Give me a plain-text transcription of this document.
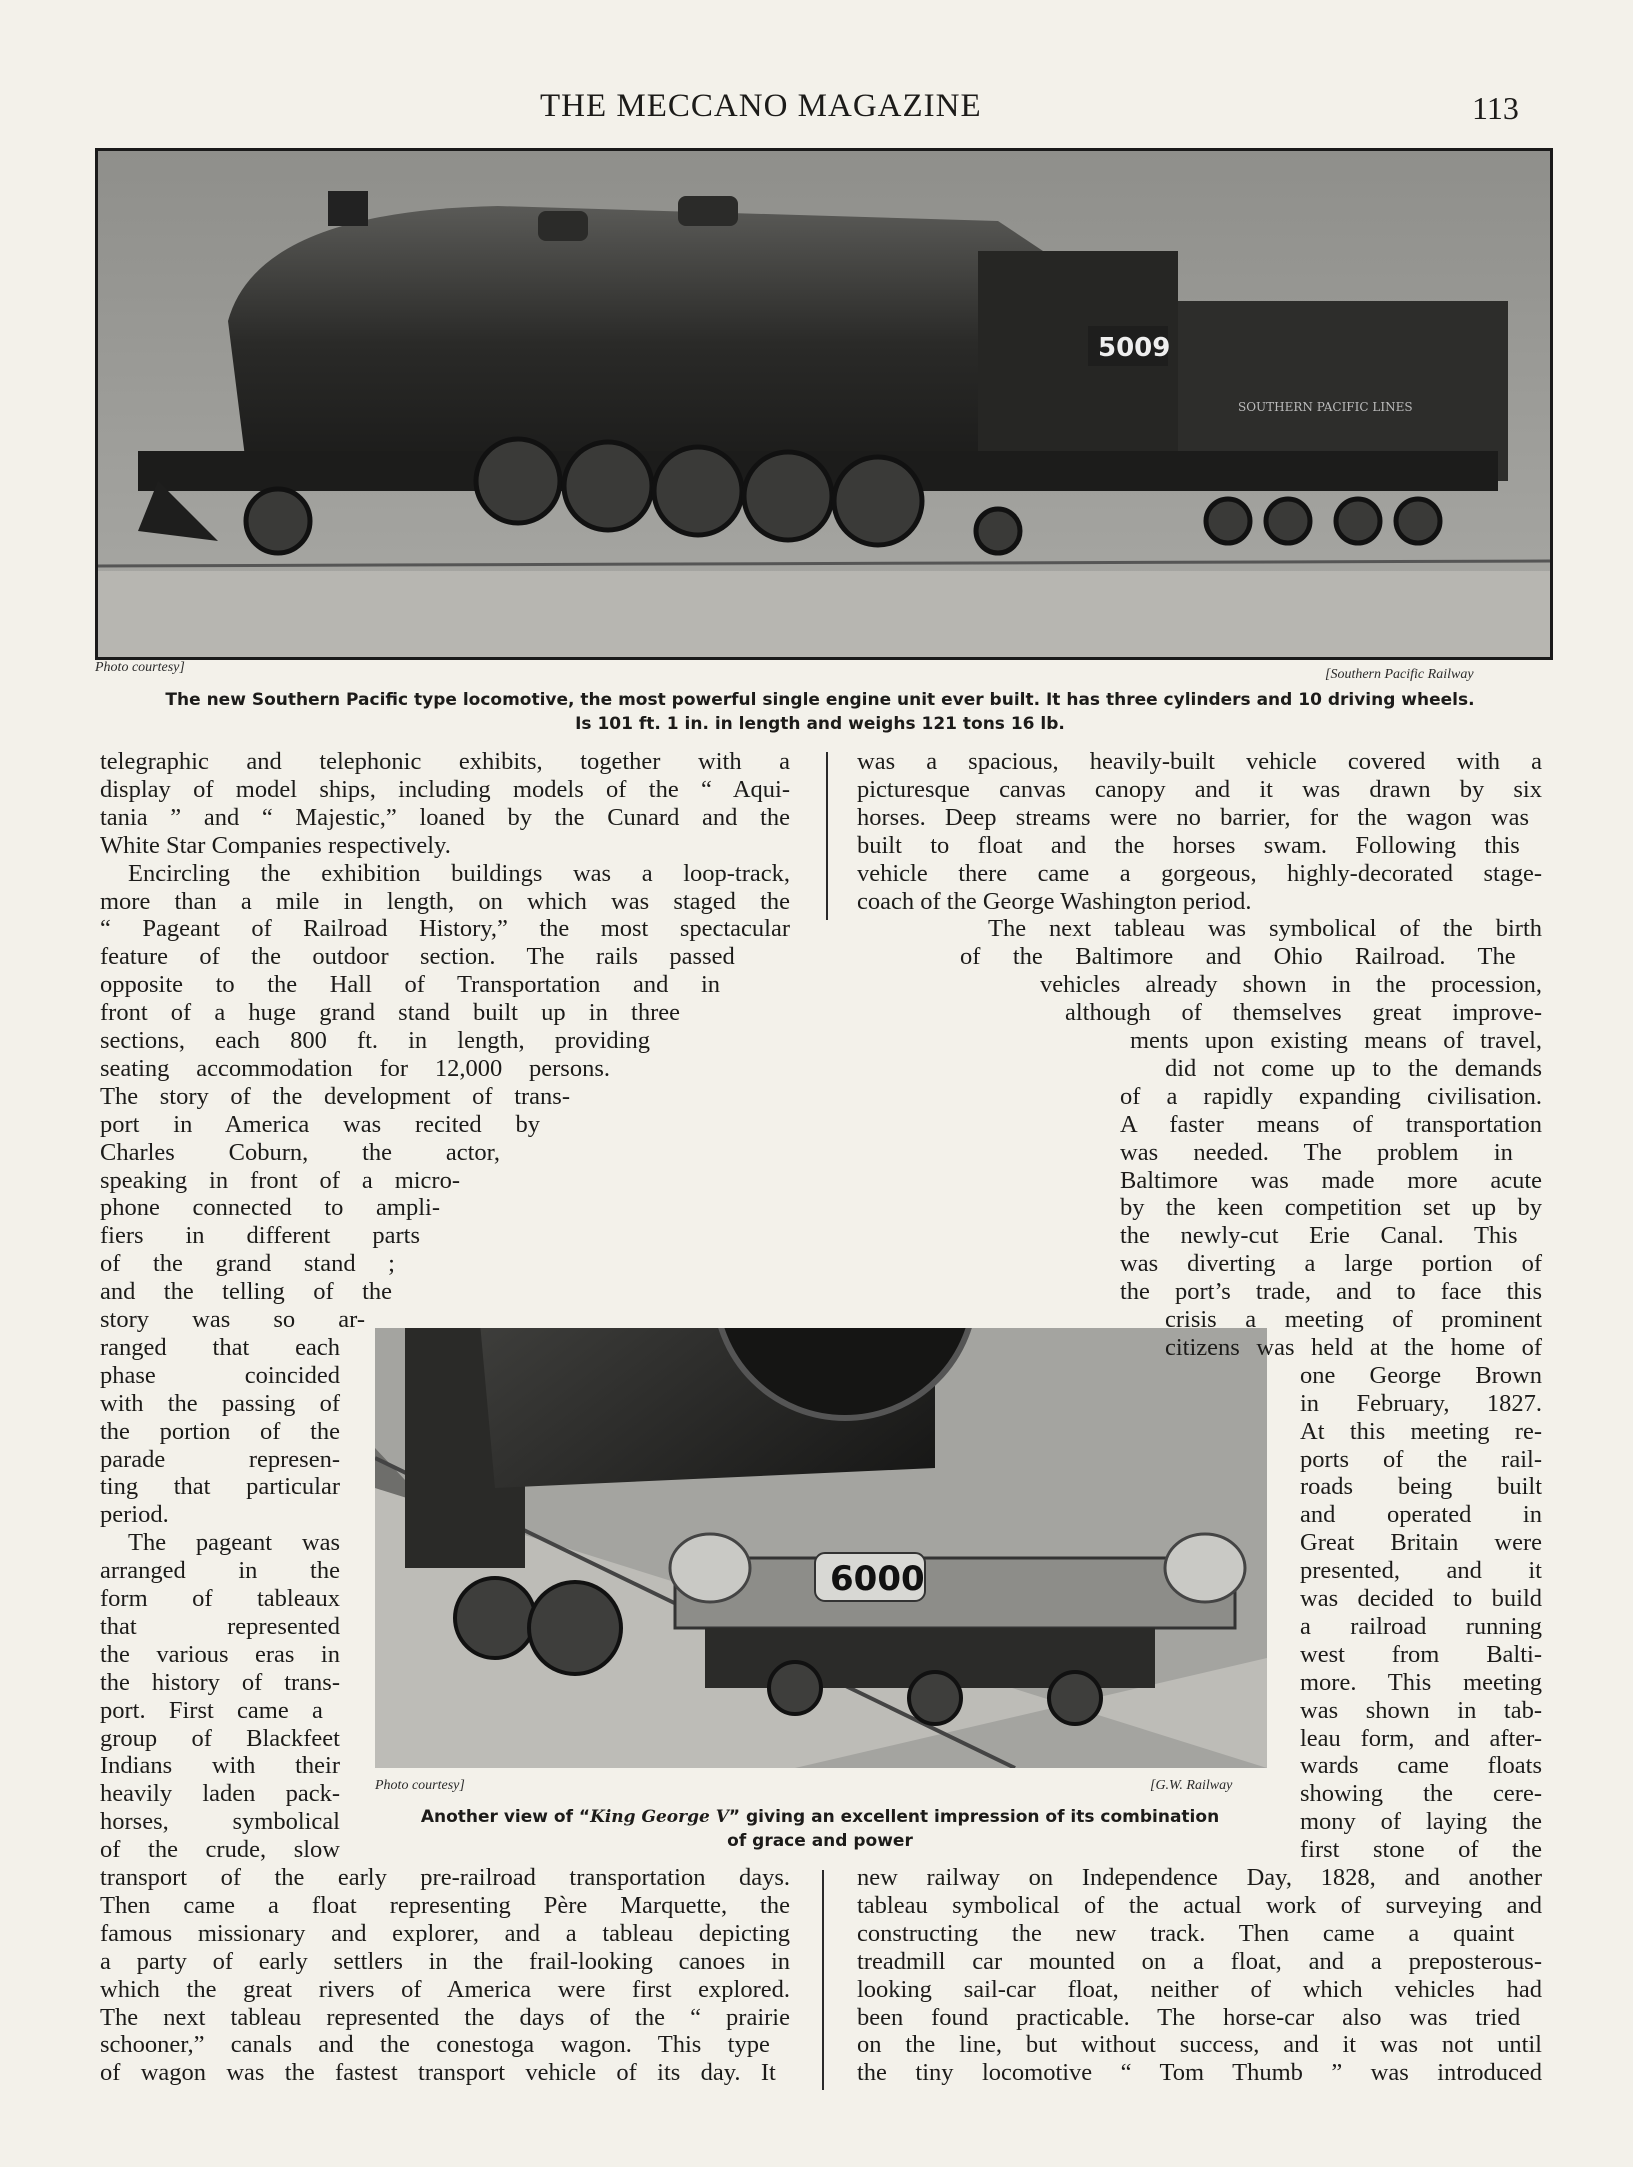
THE MECCANO MAGAZINE	113
5009
SOUTHERN PACIFIC LINES
Photo courtesy]	[Southern Pacific Railway
The new Southern Pacific type locomotive, the most powerful single engine unit ever built. It has three cylinders and 10 driving wheels.
Is 101 ft. 1 in. in length and weighs 121 tons 16 lb.
6000
Photo courtesy]	[G.W. Railway
Another view of “King George V” giving an excellent impression of its combination
of grace and power
telegraphic and telephonic exhibits, together with a
display of model ships, including models of the “ Aqui-
tania ” and “ Majestic,” loaned by the Cunard and the
White Star Companies respectively.
Encircling the exhibition buildings was a loop-track,
more than a mile in length, on which was staged the
“ Pageant of Railroad History,” the most spectacular
feature of the outdoor section. The rails passed
opposite to the Hall of Transportation and in
front of a huge grand stand built up in three
sections, each 800 ft. in length, providing
seating accommodation for 12,000 persons.
The story of the development of trans-
port in America was recited by
Charles Coburn, the actor,
speaking in front of a micro-
phone connected to ampli-
fiers in different parts
of the grand stand ;
and the telling of the
story was so ar-
ranged that each
phase coincided
with the passing of
the portion of the
parade represen-
ting that particular
period.
The pageant was
arranged in the
form of tableaux
that represented
the various eras in
the history of trans-
port. First came a
group of Blackfeet
Indians with their
heavily laden pack-
horses, symbolical
of the crude, slow
transport of the early pre-railroad transportation days.
Then came a float representing Père Marquette, the
famous missionary and explorer, and a tableau depicting
a party of early settlers in the frail-looking canoes in
which the great rivers of America were first explored.
The next tableau represented the days of the “ prairie
schooner,” canals and the conestoga wagon. This type
of wagon was the fastest transport vehicle of its day. It
was a spacious, heavily-built vehicle covered with a
picturesque canvas canopy and it was drawn by six
horses. Deep streams were no barrier, for the wagon was
built to float and the horses swam. Following this
vehicle there came a gorgeous, highly-decorated stage-
coach of the George Washington period.
The next tableau was symbolical of the birth
of the Baltimore and Ohio Railroad. The
vehicles already shown in the procession,
although of themselves great improve-
ments upon existing means of travel,
did not come up to the demands
of a rapidly expanding civilisation.
A faster means of transportation
was needed. The problem in
Baltimore was made more acute
by the keen competition set up by
the newly-cut Erie Canal. This
was diverting a large portion of
the port’s trade, and to face this
crisis a meeting of prominent
citizens was held at the home of
one George Brown
in February, 1827.
At this meeting re-
ports of the rail-
roads being built
and operated in
Great Britain were
presented, and it
was decided to build
a railroad running
west from Balti-
more. This meeting
was shown in tab-
leau form, and after-
wards came floats
showing the cere-
mony of laying the
first stone of the
new railway on Independence Day, 1828, and another
tableau symbolical of the actual work of surveying and
constructing the new track. Then came a quaint
treadmill car mounted on a float, and a preposterous-
looking sail-car float, neither of which vehicles had
been found practicable. The horse-car also was tried
on the line, but without success, and it was not until
the tiny locomotive “ Tom Thumb ” was introduced
